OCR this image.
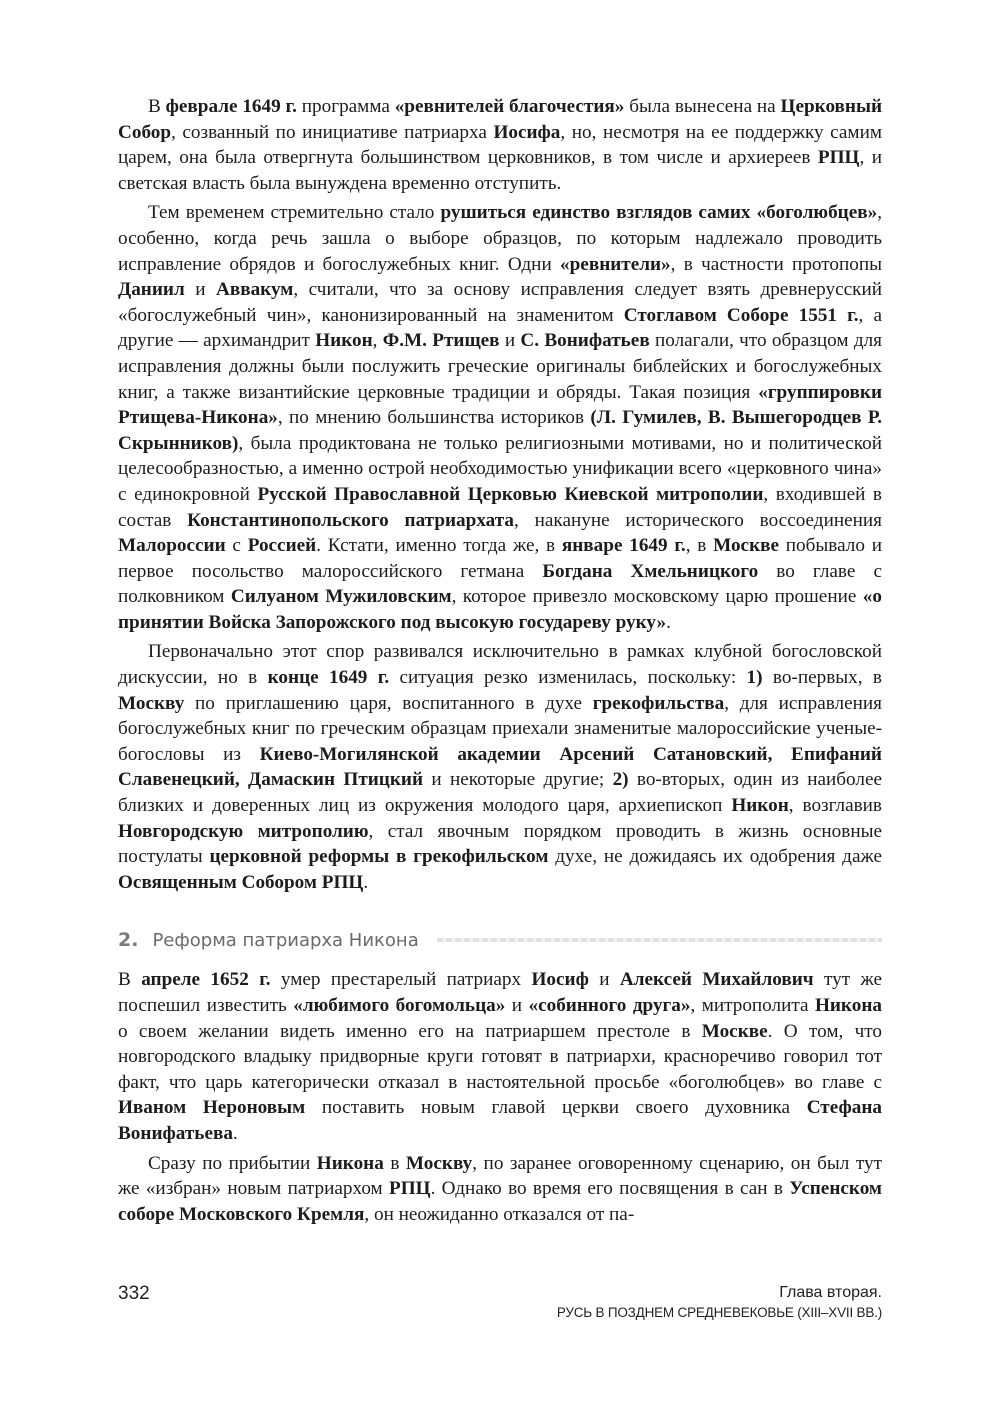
В феврале 1649 г. программа «ревнителей благочестия» была вынесена на Церковный Собор, созванный по инициативе патриарха Иосифа, но, несмотря на ее поддержку самим царем, она была отвергнута большинством церковников, в том числе и архиереев РПЦ, и светская власть была вынуждена временно отступить.

Тем временем стремительно стало рушиться единство взглядов самих «боголюбцев», особенно, когда речь зашла о выборе образцов, по которым надлежало проводить исправление обрядов и богослужебных книг. Одни «ревнители», в частности протопопы Даниил и Аввакум, считали, что за основу исправления следует взять древнерусский «богослужебный чин», канонизированный на знаменитом Стоглавом Соборе 1551 г., а другие — архимандрит Никон, Ф.М. Ртищев и С. Вонифатьев полагали, что образцом для исправления должны были послужить греческие оригиналы библейских и богослужебных книг, а также византийские церковные традиции и обряды. Такая позиция «группировки Ртищева-Никона», по мнению большинства историков (Л. Гумилев, В. Вышегородцев Р. Скрынников), была продиктована не только религиозными мотивами, но и политической целесообразностью, а именно острой необходимостью унификации всего «церковного чина» с единокровной Русской Православной Церковью Киевской митрополии, входившей в состав Константинопольского патриархата, накануне исторического воссоединения Малороссии с Россией. Кстати, именно тогда же, в январе 1649 г., в Москве побывало и первое посольство малороссийского гетмана Богдана Хмельницкого во главе с полковником Силуаном Мужиловским, которое привезло московскому царю прошение «о принятии Войска Запорожского под высокую государеву руку».

Первоначально этот спор развивался исключительно в рамках клубной богословской дискуссии, но в конце 1649 г. ситуация резко изменилась, поскольку: 1) во-первых, в Москву по приглашению царя, воспитанного в духе грекофильства, для исправления богослужебных книг по греческим образцам приехали знаменитые малороссийские ученые-богословы из Киево-Могилянской академии Арсений Сатановский, Епифаний Славенецкий, Дамаскин Птицкий и некоторые другие; 2) во-вторых, один из наиболее близких и доверенных лиц из окружения молодого царя, архиепископ Никон, возглавив Новгородскую митрополию, стал явочным порядком проводить в жизнь основные постулаты церковной реформы в грекофильском духе, не дожидаясь их одобрения даже Освященным Собором РПЦ.

2. Реформа патриарха Никона

В апреле 1652 г. умер престарелый патриарх Иосиф и Алексей Михайлович тут же поспешил известить «любимого богомольца» и «собинного друга», митрополита Никона о своем желании видеть именно его на патриаршем престоле в Москве. О том, что новгородского владыку придворные круги готовят в патриархи, красноречиво говорил тот факт, что царь категорически отказал в настоятельной просьбе «боголюбцев» во главе с Иваном Нероновым поставить новым главой церкви своего духовника Стефана Вонифатьева.

Сразу по прибытии Никона в Москву, по заранее оговоренному сценарию, он был тут же «избран» новым патриархом РПЦ. Однако во время его посвящения в сан в Успенском соборе Московского Кремля, он неожиданно отказался от па-

332	Глава вторая.
РУСЬ В ПОЗДНЕМ СРЕДНЕВЕКОВЬЕ (XIII–XVII ВВ.)
